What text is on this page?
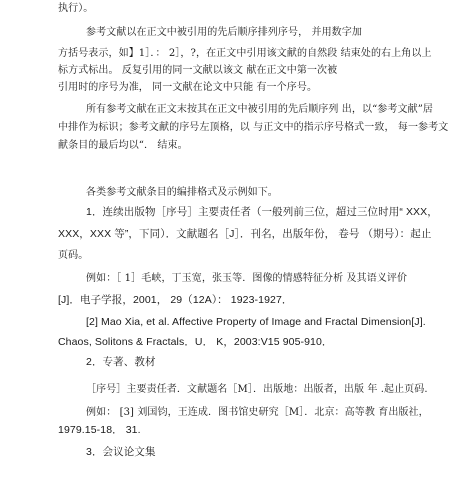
执行）。
参考文献以在正文中被引用的先后顺序排列序号， 并用数字加
方括号表示，如】1］．： 2］，?，在正文中引用该文献的自然段 结束处的右上角以上
标方式标出。 反复引用的同一文献以该文 献在正文中第一次被
引用时的序号为准， 同一文献在论文中只能 有一个序号。
所有参考文献在正文末按其在正文中被引用的先后顺序列 出，以“参考文献”居
中排作为标识；参考文献的序号左顶格，以 与正文中的指示序号格式一致， 每一参考文
献条目的最后均以“． 结束。
各类参考文献条目的编排格式及示例如下。
1．连续出版物［序号］主要责任者（一般列前三位，超过三位时用“ XXX，
XXX，XXX 等”，下同）．文献题名［J］．刊名，出版年份， 卷号 （期号）：起止
页码。
例如：［ 1］毛峡，丁玉宽，张玉等．图像的情感特征分析 及其语义评价
[J]．电子学报，2001， 29（12A）： 1923-1927．
[2] Mao Xia, et al. Affective Property of Image and Fractal Dimension[J].
Chaos, Solitons & Fractals．U． K，2003:V15 905-910．
2．专著、教材
［序号］主要责任者．文献题名［M］．出版地：出版者，出版 年 .起止页码.
例如： [3] 刘国钧，王连成．图书馆史研究［M］．北京：高等教 育出版社，
1979.15-18． 31.
3．会议论文集
